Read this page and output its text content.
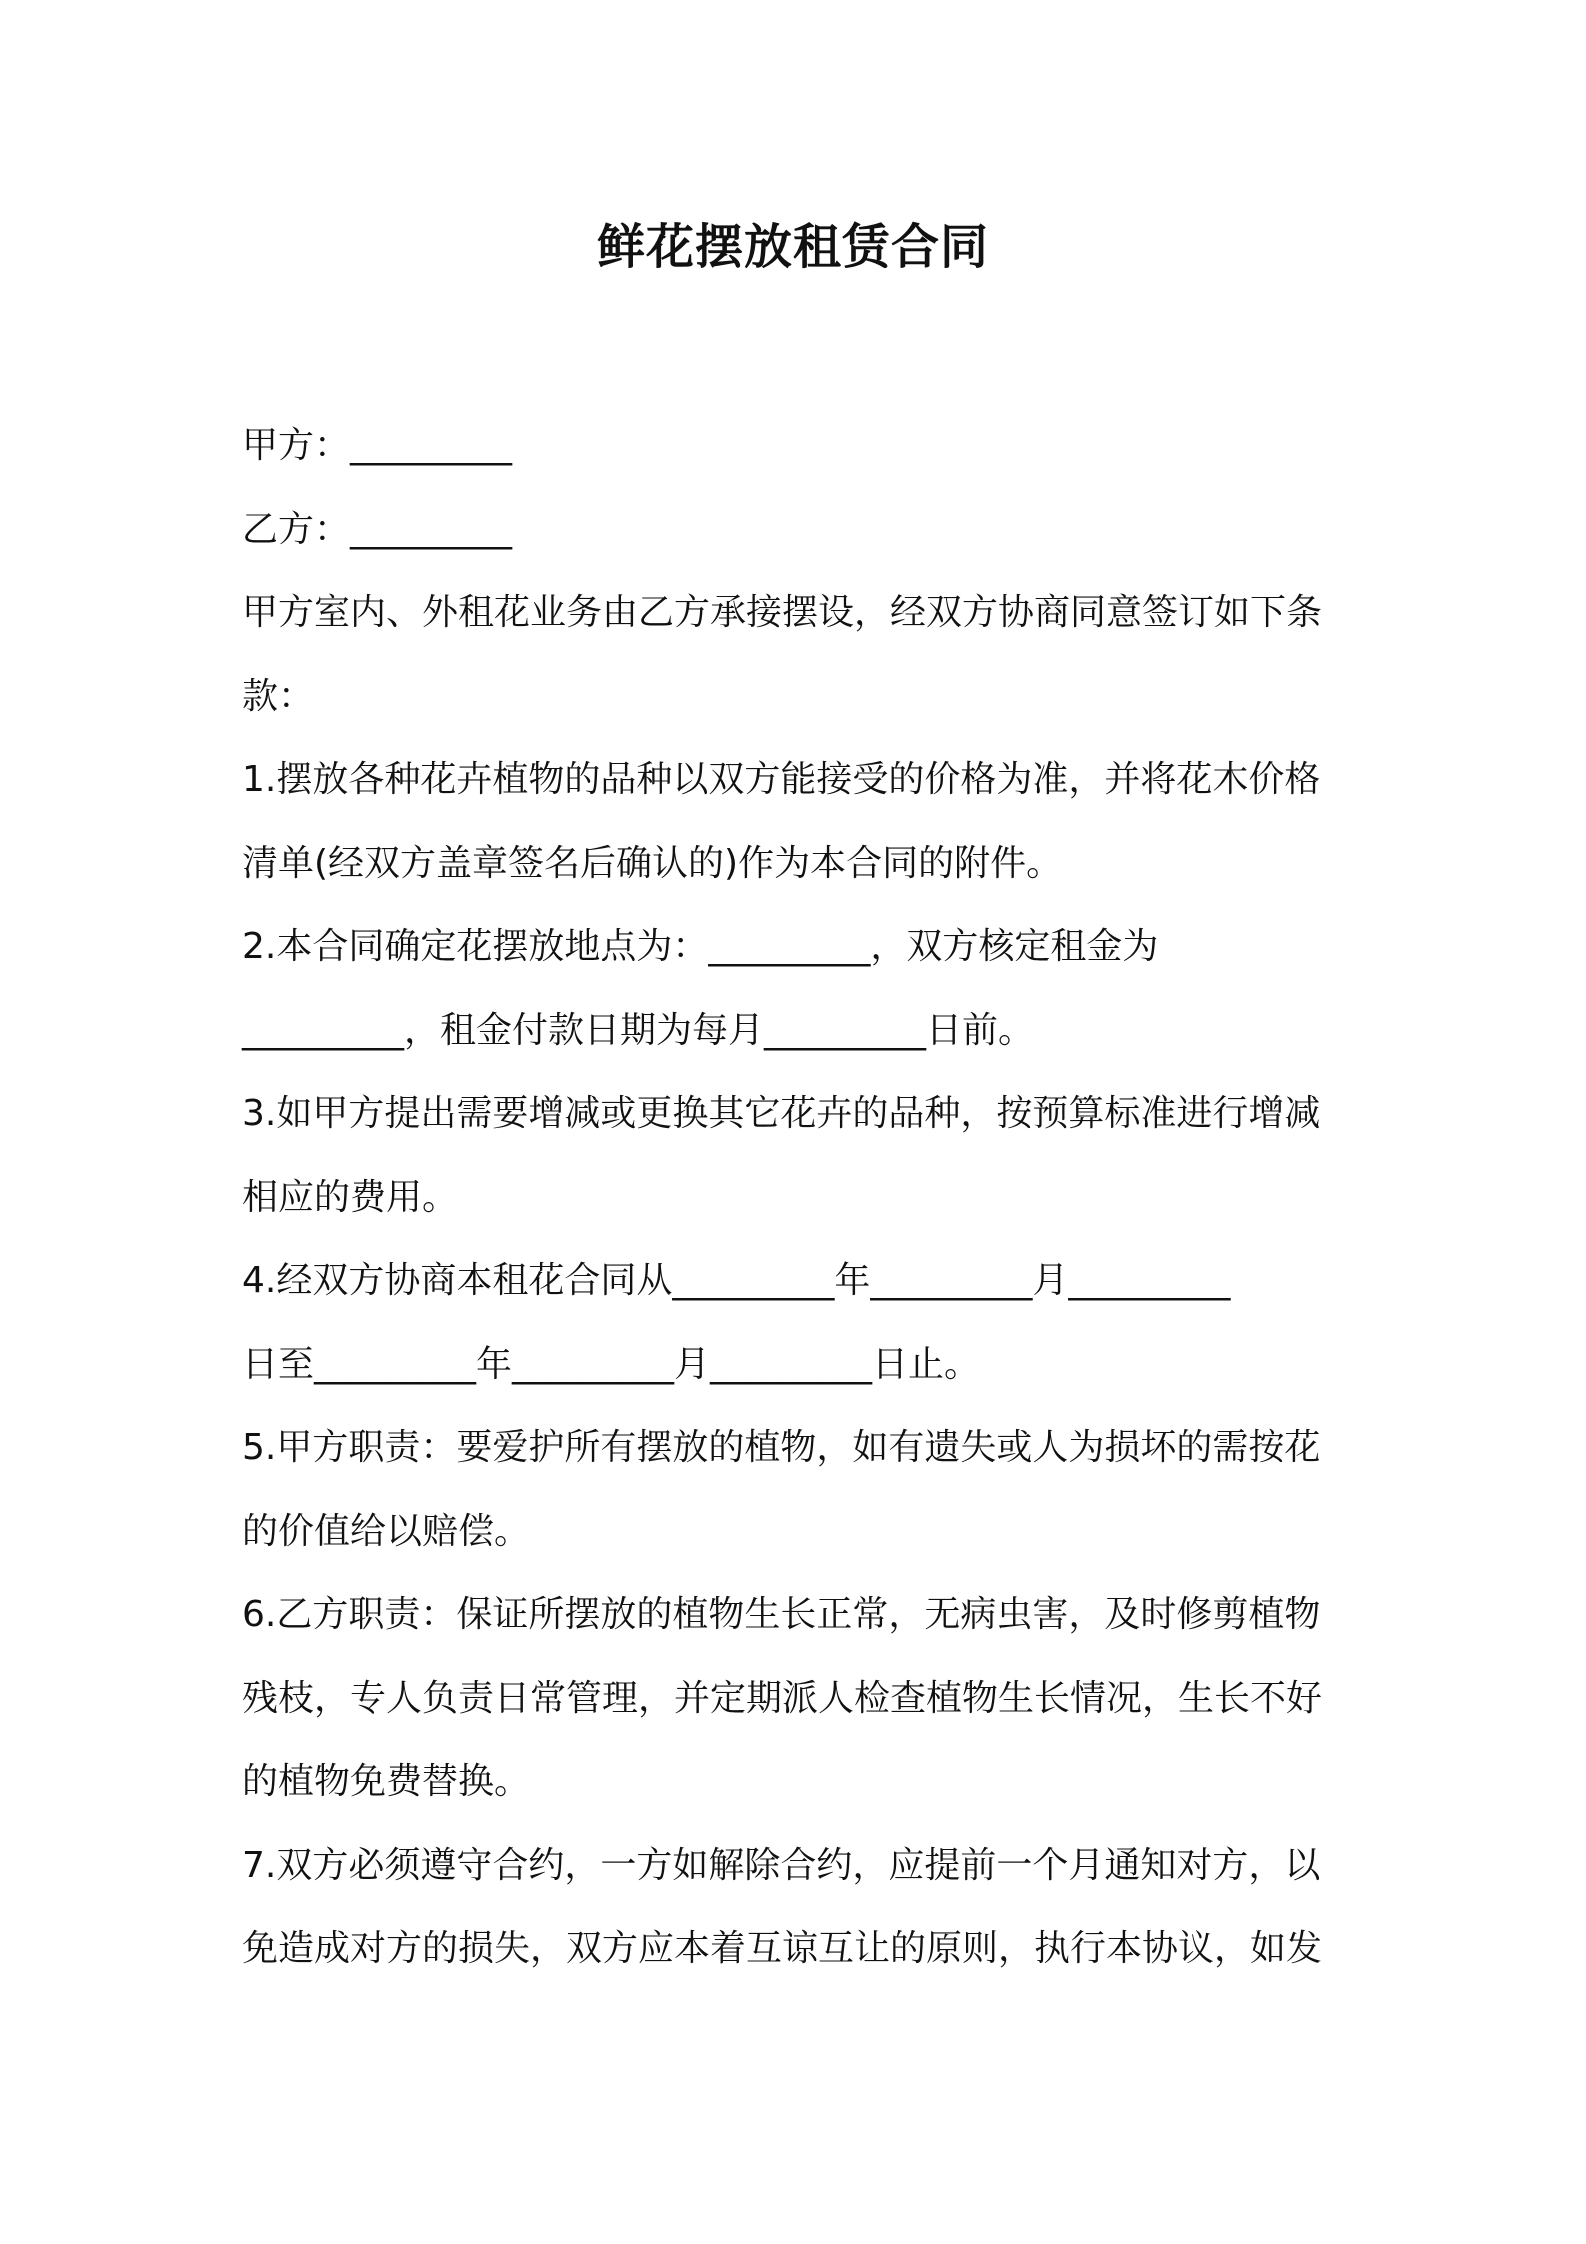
鲜花摆放租赁合同
甲方：_________
乙方：_________
甲方室内、外租花业务由乙方承接摆设，经双方协商同意签订如下条
款：
1.摆放各种花卉植物的品种以双方能接受的价格为准，并将花木价格
清单(经双方盖章签名后确认的)作为本合同的附件。
2.本合同确定花摆放地点为：_________，双方核定租金为
_________，租金付款日期为每月_________日前。
3.如甲方提出需要增减或更换其它花卉的品种，按预算标准进行增减
相应的费用。
4.经双方协商本租花合同从_________年_________月_________
日至_________年_________月_________日止。
5.甲方职责：要爱护所有摆放的植物，如有遗失或人为损坏的需按花
的价值给以赔偿。
6.乙方职责：保证所摆放的植物生长正常，无病虫害，及时修剪植物
残枝，专人负责日常管理，并定期派人检查植物生长情况，生长不好
的植物免费替换。
7.双方必须遵守合约，一方如解除合约，应提前一个月通知对方，以
免造成对方的损失，双方应本着互谅互让的原则，执行本协议，如发
